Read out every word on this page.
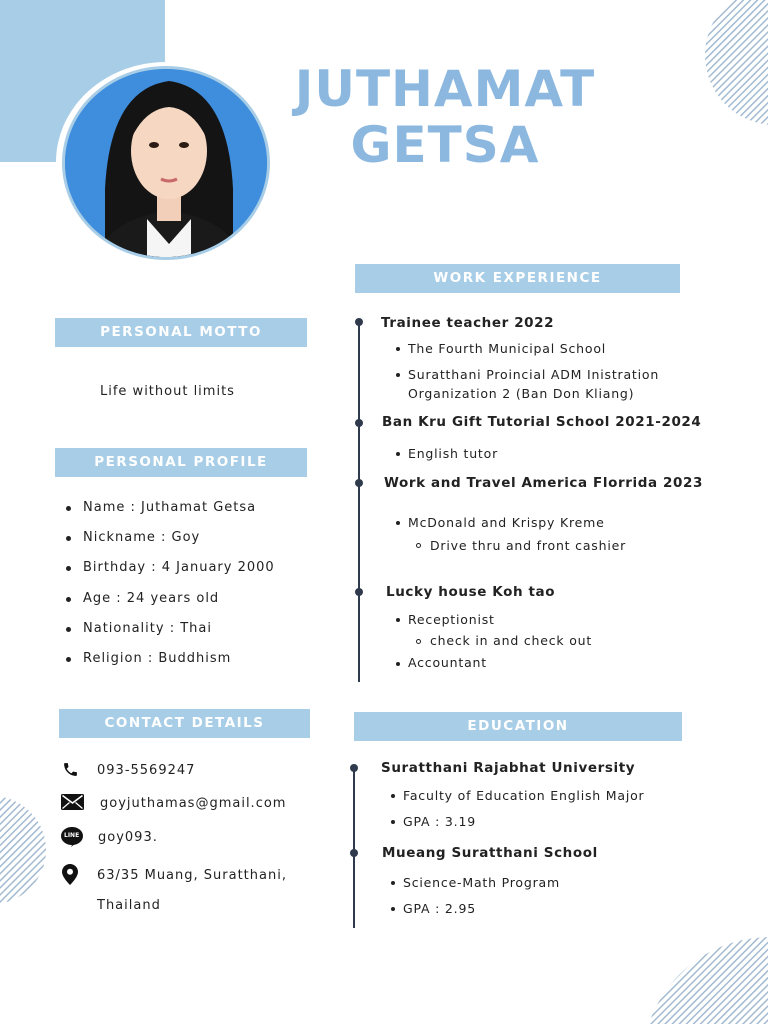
JUTHAMAT
GETSA
PERSONAL MOTTO
Life without limits
PERSONAL PROFILE
Name : Juthamat Getsa
Nickname : Goy
Birthday : 4 January 2000
Age : 24 years old
Nationality : Thai
Religion : Buddhism
CONTACT DETAILS
093-5569247
goyjuthamas@gmail.com
LINE goy093.
63/35 Muang, Suratthani,
Thailand
WORK EXPERIENCE
Trainee teacher 2022
The Fourth Municipal School
Suratthani Proincial ADM Inistration
Organization 2 (Ban Don Kliang)
Ban Kru Gift Tutorial School 2021-2024
English tutor
Work and Travel America Florrida 2023
McDonald and Krispy Kreme
Drive thru and front cashier
Lucky house Koh tao
Receptionist
check in and check out
Accountant
EDUCATION
Suratthani Rajabhat University
Faculty of Education English Major
GPA : 3.19
Mueang Suratthani School
Science-Math Program
GPA : 2.95
